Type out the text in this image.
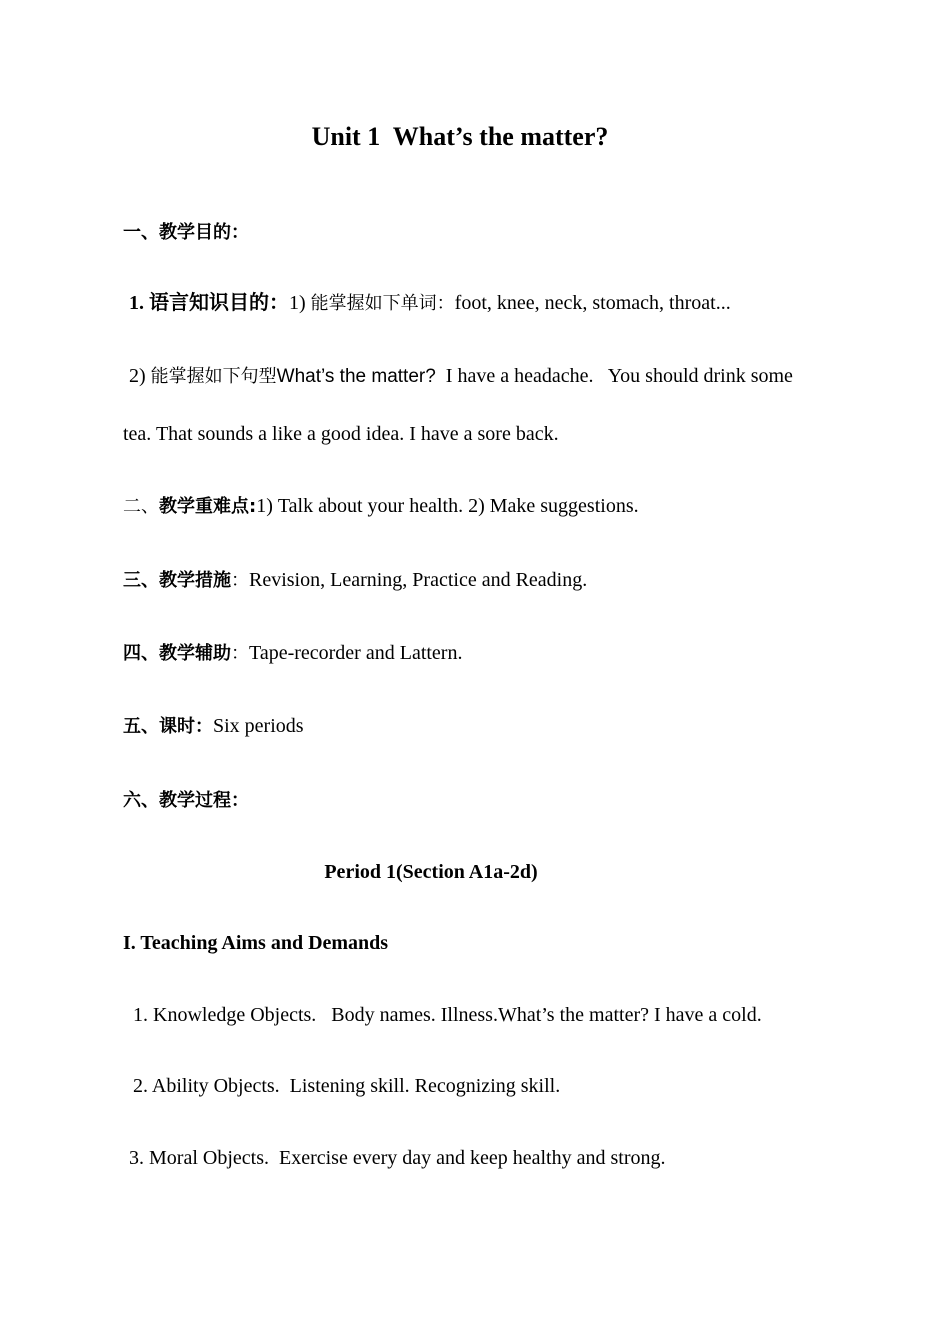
Unit 1  What’s the matter?
一、教学目的：
1. 语言知识目的：1) 能掌握如下单词：foot, knee, neck, stomach, throat...
2) 能掌握如下句型What’s the matter?  I have a headache.   You should drink some
tea. That sounds a like a good idea. I have a sore back.
二、教学重难点:1) Talk about your health. 2) Make suggestions.
三、教学措施：Revision, Learning, Practice and Reading.
四、教学辅助：Tape-recorder and Lattern.
五、课时：Six periods
六、教学过程：
Period 1(Section A1a-2d)
I. Teaching Aims and Demands
1. Knowledge Objects.   Body names. Illness.What’s the matter? I have a cold.
2. Ability Objects.  Listening skill. Recognizing skill.
3. Moral Objects.  Exercise every day and keep healthy and strong.
